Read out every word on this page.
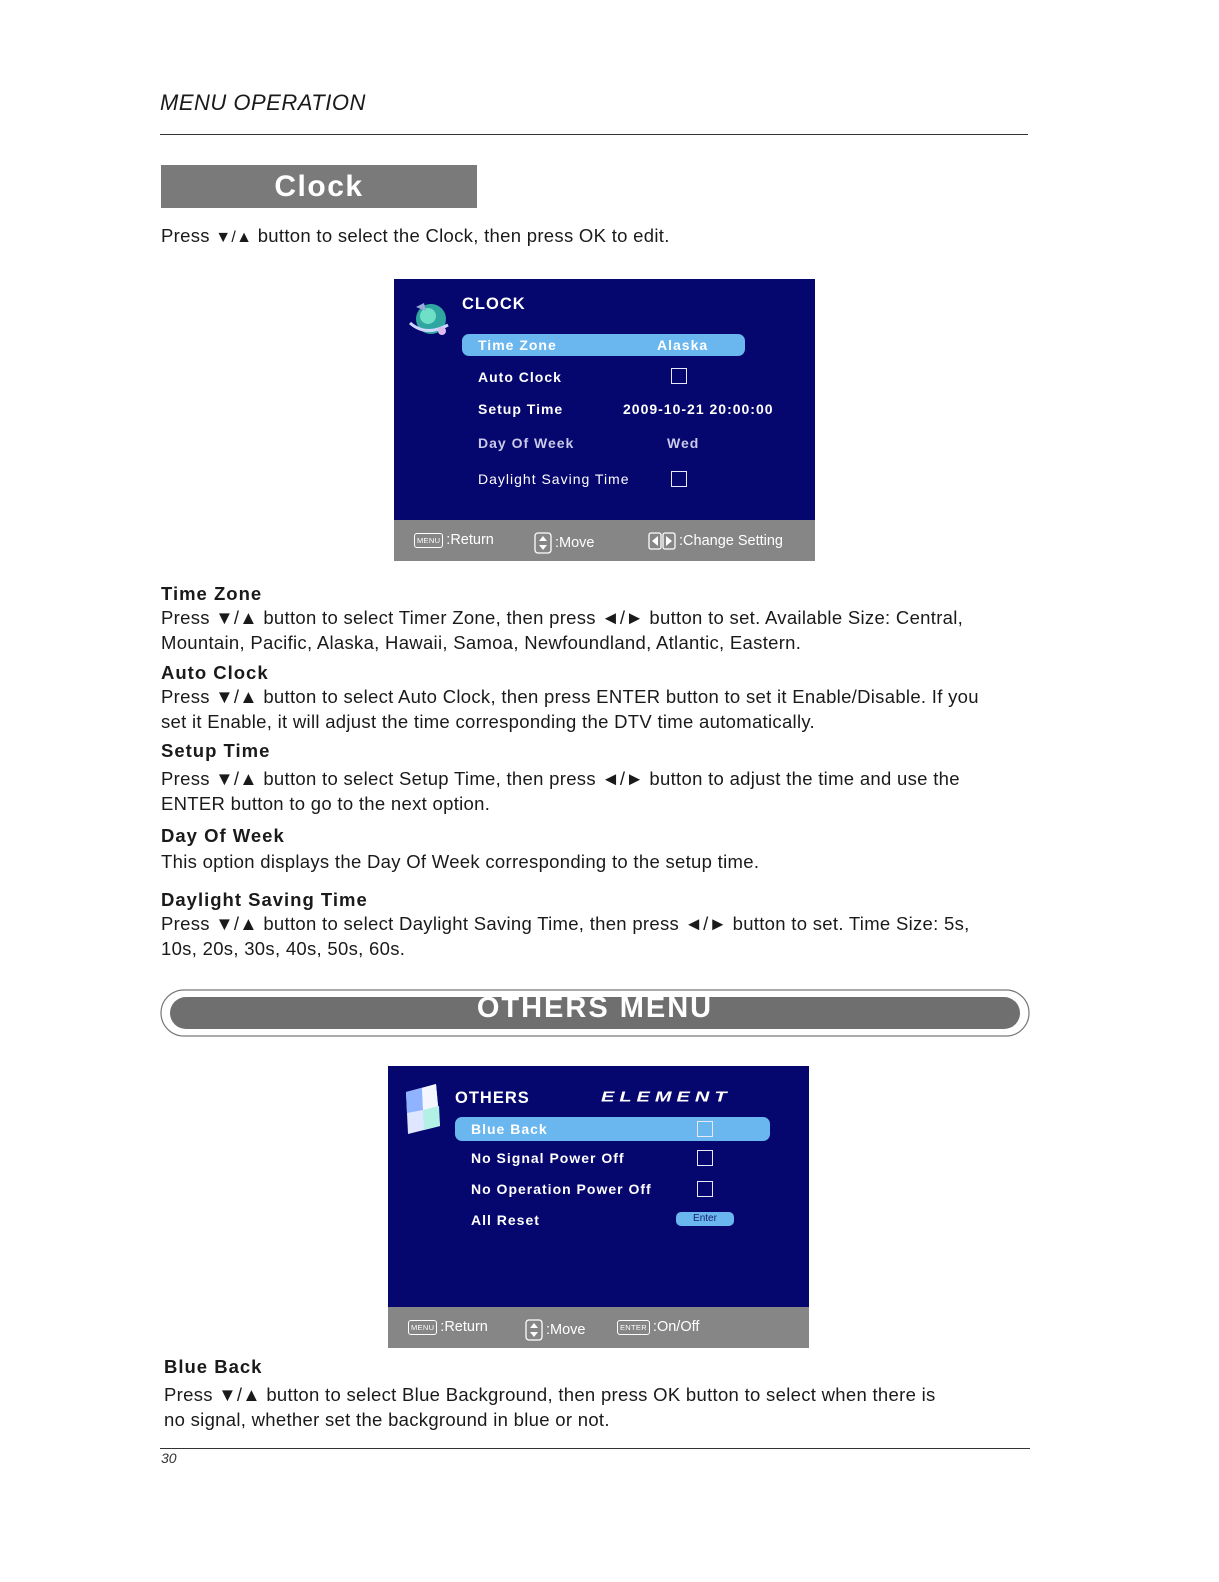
MENU OPERATION
Clock
Press ▼/▲ button to select the Clock, then press OK to edit.
CLOCK
Time Zone	Alaska
Auto Clock
Setup Time	2009-10-21 20:00:00
Day Of Week	Wed
Daylight Saving Time
MENU :Return	:Move	:Change Setting
Time Zone
Press ▼/▲ button to select Timer Zone, then press ◄/► button to set. Available Size: Central,
Mountain, Pacific, Alaska, Hawaii, Samoa, Newfoundland, Atlantic, Eastern.
Auto Clock
Press ▼/▲ button to select Auto Clock, then press ENTER button to set it Enable/Disable. If you
set it Enable, it will adjust the time corresponding the DTV time automatically.
Setup Time
Press ▼/▲ button to select Setup Time, then press ◄/► button to adjust the time and use the
ENTER button to go to the next option.
Day Of Week
This option displays the Day Of Week corresponding to the setup time.
Daylight Saving Time
Press ▼/▲ button to select Daylight Saving Time, then press ◄/► button to set. Time Size: 5s,
10s, 20s, 30s, 40s, 50s, 60s.
OTHERS MENU
OTHERS	ELEMENT
Blue Back
No Signal Power Off
No Operation Power Off
All Reset	Enter
MENU :Return	:Move	ENTER :On/Off
Blue Back
Press ▼/▲ button to select Blue Background, then press OK button to select when there is
no signal, whether set the background in blue or not.
30
